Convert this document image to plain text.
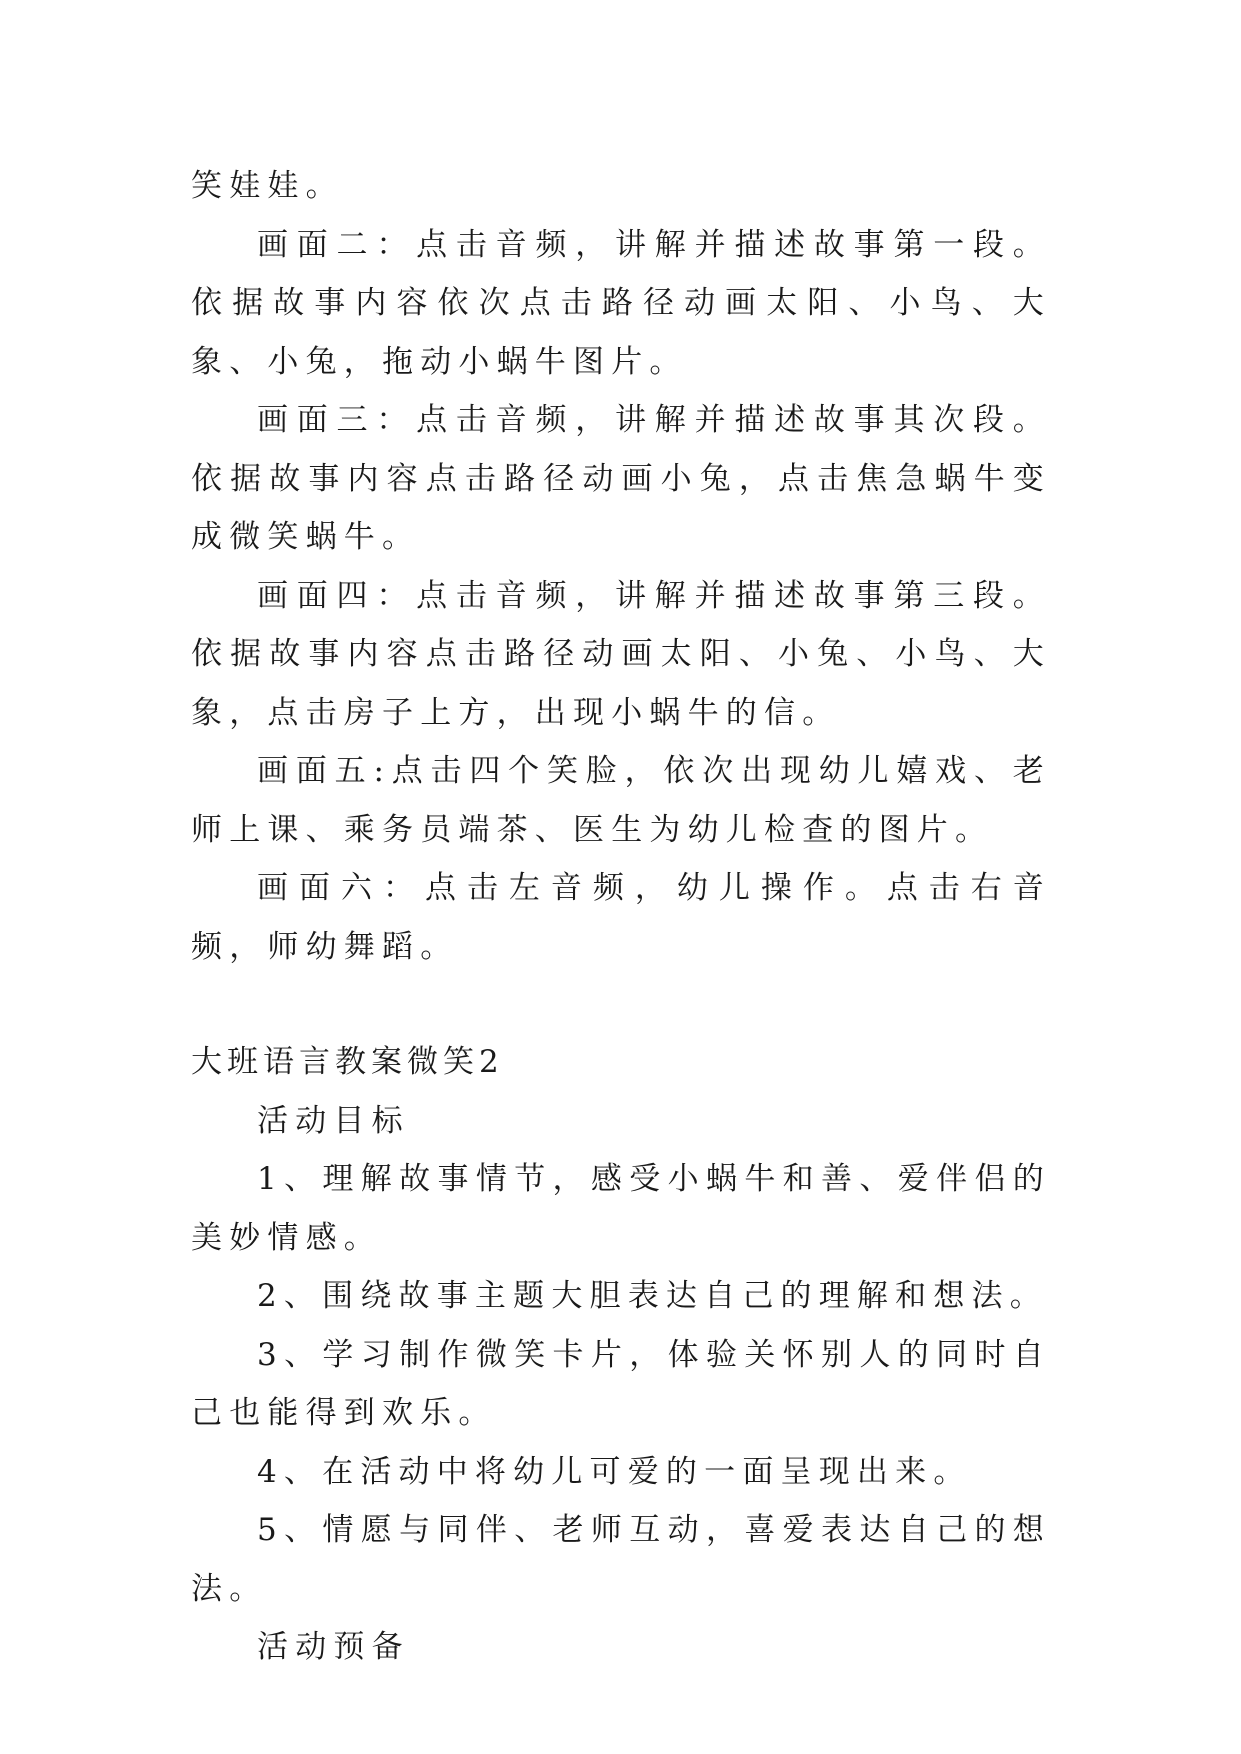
笑娃娃。

画面二：点击音频，讲解并描述故事第一段。依据故事内容依次点击路径动画太阳、小鸟、大象、小兔，拖动小蜗牛图片。

画面三：点击音频，讲解并描述故事其次段。依据故事内容点击路径动画小兔，点击焦急蜗牛变成微笑蜗牛。

画面四：点击音频，讲解并描述故事第三段。依据故事内容点击路径动画太阳、小兔、小鸟、大象，点击房子上方，出现小蜗牛的信。

画面五:点击四个笑脸，依次出现幼儿嬉戏、老师上课、乘务员端茶、医生为幼儿检查的图片。

画面六：点击左音频，幼儿操作。点击右音频，师幼舞蹈。

大班语言教案微笑2

活动目标

1、理解故事情节，感受小蜗牛和善、爱伴侣的美妙情感。

2、围绕故事主题大胆表达自己的理解和想法。

3、学习制作微笑卡片，体验关怀别人的同时自己也能得到欢乐。

4、在活动中将幼儿可爱的一面呈现出来。

5、情愿与同伴、老师互动，喜爱表达自己的想法。

活动预备
